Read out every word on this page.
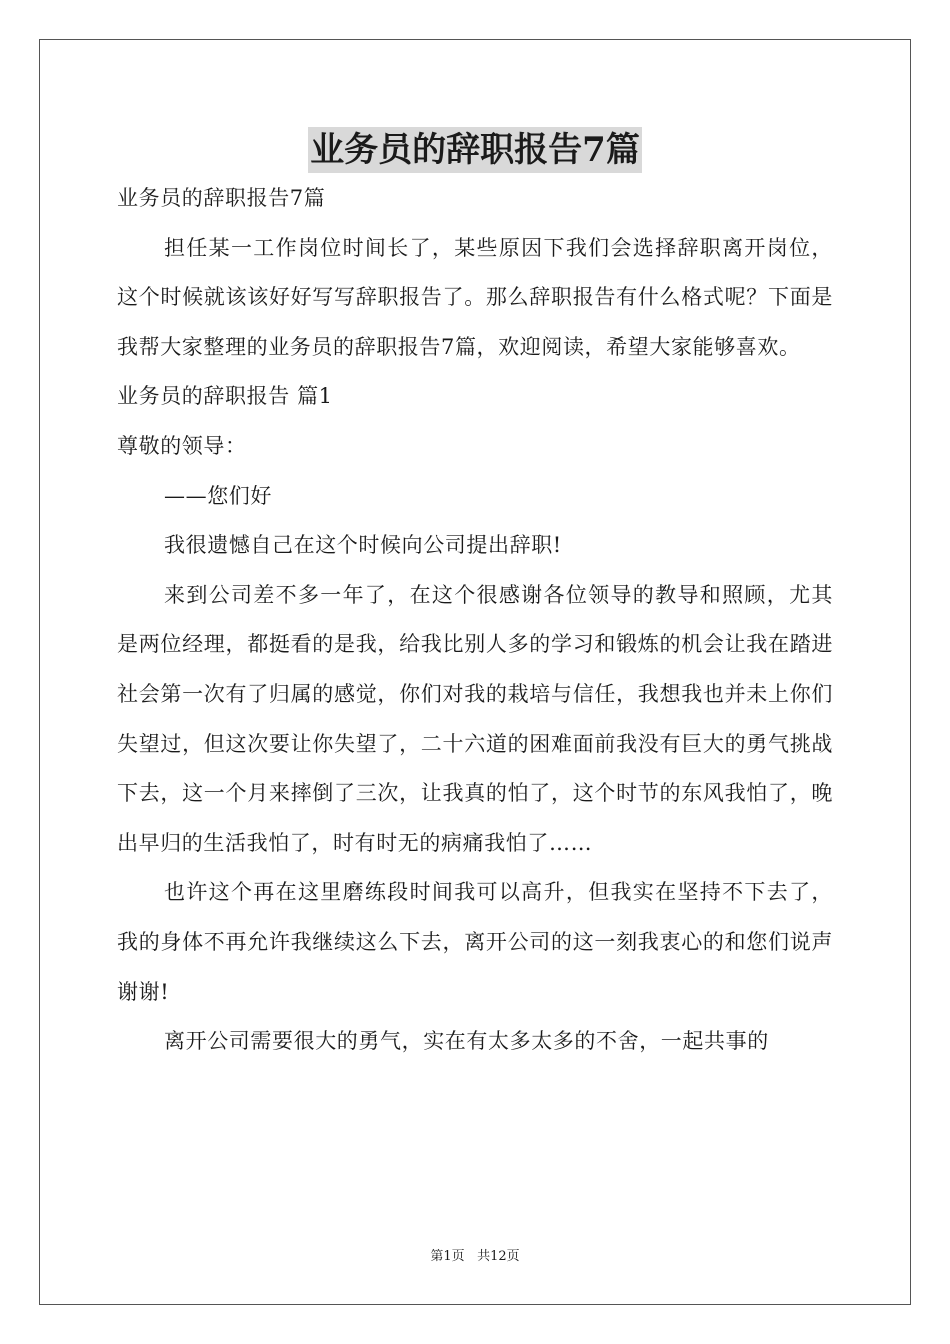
业务员的辞职报告7篇

业务员的辞职报告7篇

担任某一工作岗位时间长了，某些原因下我们会选择辞职离开岗位，这个时候就该该好好写写辞职报告了。那么辞职报告有什么格式呢？下面是我帮大家整理的业务员的辞职报告7篇，欢迎阅读，希望大家能够喜欢。

业务员的辞职报告 篇1

尊敬的领导：

——您们好

我很遗憾自己在这个时候向公司提出辞职!

来到公司差不多一年了，在这个很感谢各位领导的教导和照顾，尤其是两位经理，都挺看的是我，给我比别人多的学习和锻炼的机会让我在踏进社会第一次有了归属的感觉，你们对我的栽培与信任，我想我也并未上你们失望过，但这次要让你失望了，二十六道的困难面前我没有巨大的勇气挑战下去，这一个月来摔倒了三次，让我真的怕了，这个时节的东风我怕了，晚出早归的生活我怕了，时有时无的病痛我怕了……

也许这个再在这里磨练段时间我可以高升，但我实在坚持不下去了，我的身体不再允许我继续这么下去，离开公司的这一刻我衷心的和您们说声谢谢!

离开公司需要很大的勇气，实在有太多太多的不舍，一起共事的

第1页 共12页
